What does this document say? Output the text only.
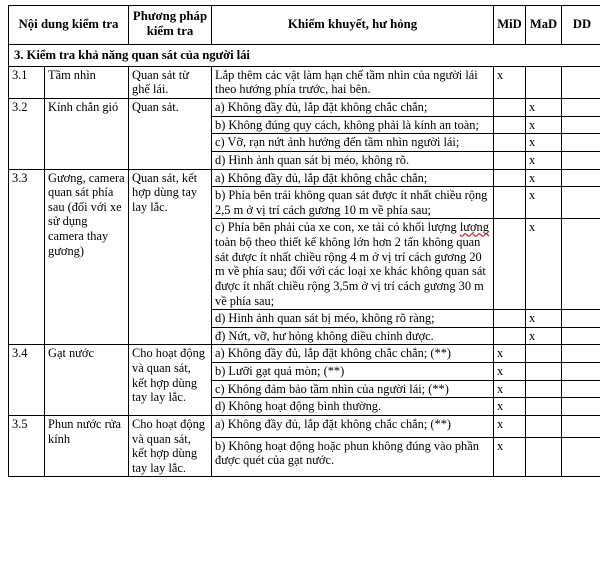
Nội dung kiểm tra		Phương pháp
kiểm tra	Khiếm khuyết, hư hỏng	MiD	MaD	DD
3. Kiểm tra khả năng quan sát của người lái						
3.1	Tầm nhìn	Quan sát từ ghế lái.	Lắp thêm các vật làm hạn chế tầm nhìn của người lái theo hướng phía trước, hai bên.	x		
3.2	Kính chắn gió	Quan sát.	a) Không đầy đủ, lắp đặt không chắc chắn;		x	
			b) Không đúng quy cách, không phải là kính an toàn;		x	
			c) Vỡ, rạn nứt ảnh hưởng đến tầm nhìn người lái;		x	
			d) Hình ảnh quan sát bị méo, không rõ.		x	
3.3	Gương, camera quan sát phía sau (đối với xe sử dụng camera thay gương)	Quan sát, kết hợp dùng tay lay lắc.	a) Không đầy đủ, lắp đặt không chắc chắn;		x	
			b) Phía bên trái không quan sát được ít nhất chiều rộng 2,5 m ở vị trí cách gương 10 m về phía sau;		x	
			c) Phía bên phải của xe con, xe tải có khối lượng lượng toàn bộ theo thiết kế không lớn hơn 2 tấn không quan sát được ít nhất chiều rộng 4 m ở vị trí cách gương 20 m về phía sau; đối với các loại xe khác không quan sát được ít nhất chiều rộng 3,5m ở vị trí cách gương 30 m về phía sau;		x	
			d) Hình ảnh quan sát bị méo, không rõ ràng;		x	
			đ) Nứt, vỡ, hư hỏng không điều chỉnh được.		x	
3.4	Gạt nước	Cho hoạt động và quan sát, kết hợp dùng tay lay lắc.	a) Không đầy đủ, lắp đặt không chắc chắn; (**)	x		
			b) Lưỡi gạt quá mòn; (**)	x		
			c) Không đảm bảo tầm nhìn của người lái; (**)	x		
			d) Không hoạt động bình thường.	x		
3.5	Phun nước rửa kính	Cho hoạt động và quan sát, kết hợp dùng tay lay lắc.	a) Không đầy đủ, lắp đặt không chắc chắn; (**)	x		
			b) Không hoạt động hoặc phun không đúng vào phần được quét của gạt nước.	x		
